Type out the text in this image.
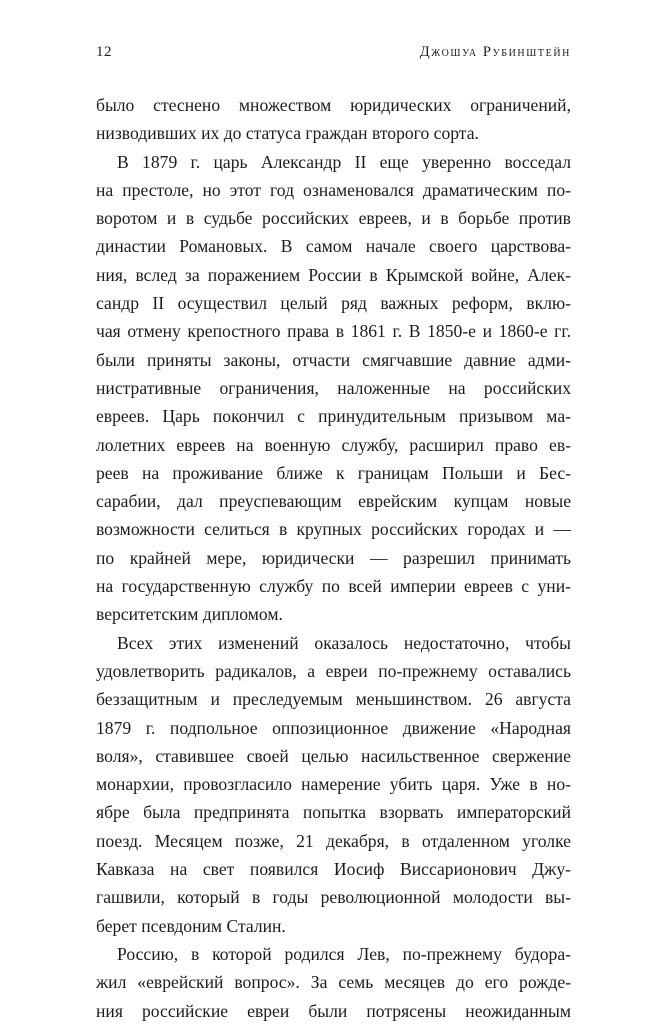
12	Джошуа Рубинштейн
было стеснено множеством юридических ограничений,
низводивших их до статуса граждан второго сорта.
В 1879 г. царь Александр II еще уверенно восседал
на престоле, но этот год ознаменовался драматическим по-
воротом и в судьбе российских евреев, и в борьбе против
династии Романовых. В самом начале своего царствова-
ния, вслед за поражением России в Крымской войне, Алек-
сандр II осуществил целый ряд важных реформ, вклю-
чая отмену крепостного права в 1861 г. В 1850-е и 1860-е гг.
были приняты законы, отчасти смягчавшие давние адми-
нистративные ограничения, наложенные на российских
евреев. Царь покончил с принудительным призывом ма-
лолетних евреев на военную службу, расширил право ев-
реев на проживание ближе к границам Польши и Бес-
сарабии, дал преуспевающим еврейским купцам новые
возможности селиться в крупных российских городах и —
по крайней мере, юридически — разрешил принимать
на государственную службу по всей империи евреев с уни-
верситетским дипломом.
Всех этих изменений оказалось недостаточно, чтобы
удовлетворить радикалов, а евреи по-прежнему оставались
беззащитным и преследуемым меньшинством. 26 августа
1879 г. подпольное оппозиционное движение «Народная
воля», ставившее своей целью насильственное свержение
монархии, провозгласило намерение убить царя. Уже в но-
ябре была предпринята попытка взорвать императорский
поезд. Месяцем позже, 21 декабря, в отдаленном уголке
Кавказа на свет появился Иосиф Виссарионович Джу-
гашвили, который в годы революционной молодости вы-
берет псевдоним Сталин.
Россию, в которой родился Лев, по-прежнему будора-
жил «еврейский вопрос». За семь месяцев до его рожде-
ния российские евреи были потрясены неожиданным
